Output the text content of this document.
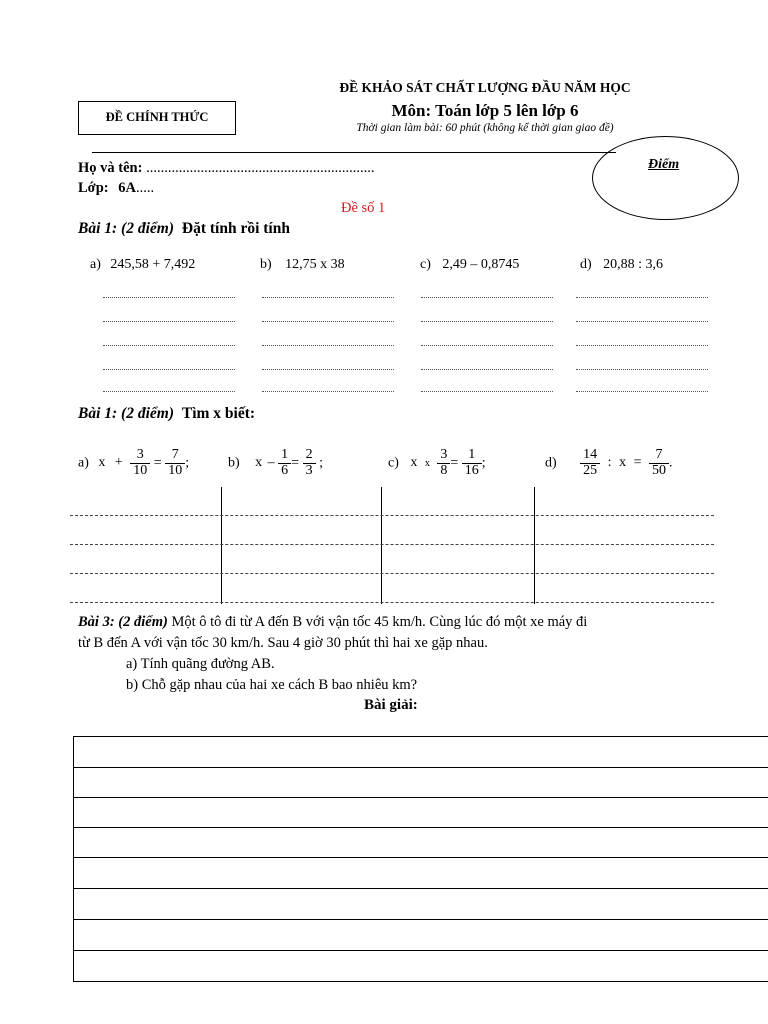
ĐỀ CHÍNH THỨC
ĐỀ KHẢO SÁT CHẤT LƯỢNG ĐẦU NĂM HỌC
Môn: Toán lớp 5 lên lớp 6
Thời gian làm bài: 60 phút (không kể thời gian giao đề)
Điểm
Họ và tên: ...............................................................
Lớp: 6A.....
Đề số 1
Bài 1: (2 điểm) Đặt tính rồi tính
a) 245,58 + 7,492	b) 12,75 x 38	c) 2,49 – 0,8745	d) 20,88 : 3,6
Bài 1: (2 điểm) Tìm x biết:
a) $x + \frac{3}{10} = \frac{7}{10}$ ;	b) $x - \frac{1}{6} = \frac{2}{3}$ ;	c) x x $\frac{3}{8} = \frac{1}{16}$ ;	$d) \frac{14}{25}$ : $x = \frac{7}{50}$ .
Bài 3: (2 điểm) Một ô tô đi từ A đến B với vận tốc 45 km/h. Cùng lúc đó một xe máy đi
từ B đến A với vận tốc 30 km/h. Sau 4 giờ 30 phút thì hai xe gặp nhau.
a) Tính quãng đường AB.
b) Chỗ gặp nhau của hai xe cách B bao nhiêu km?
Bài giải:
